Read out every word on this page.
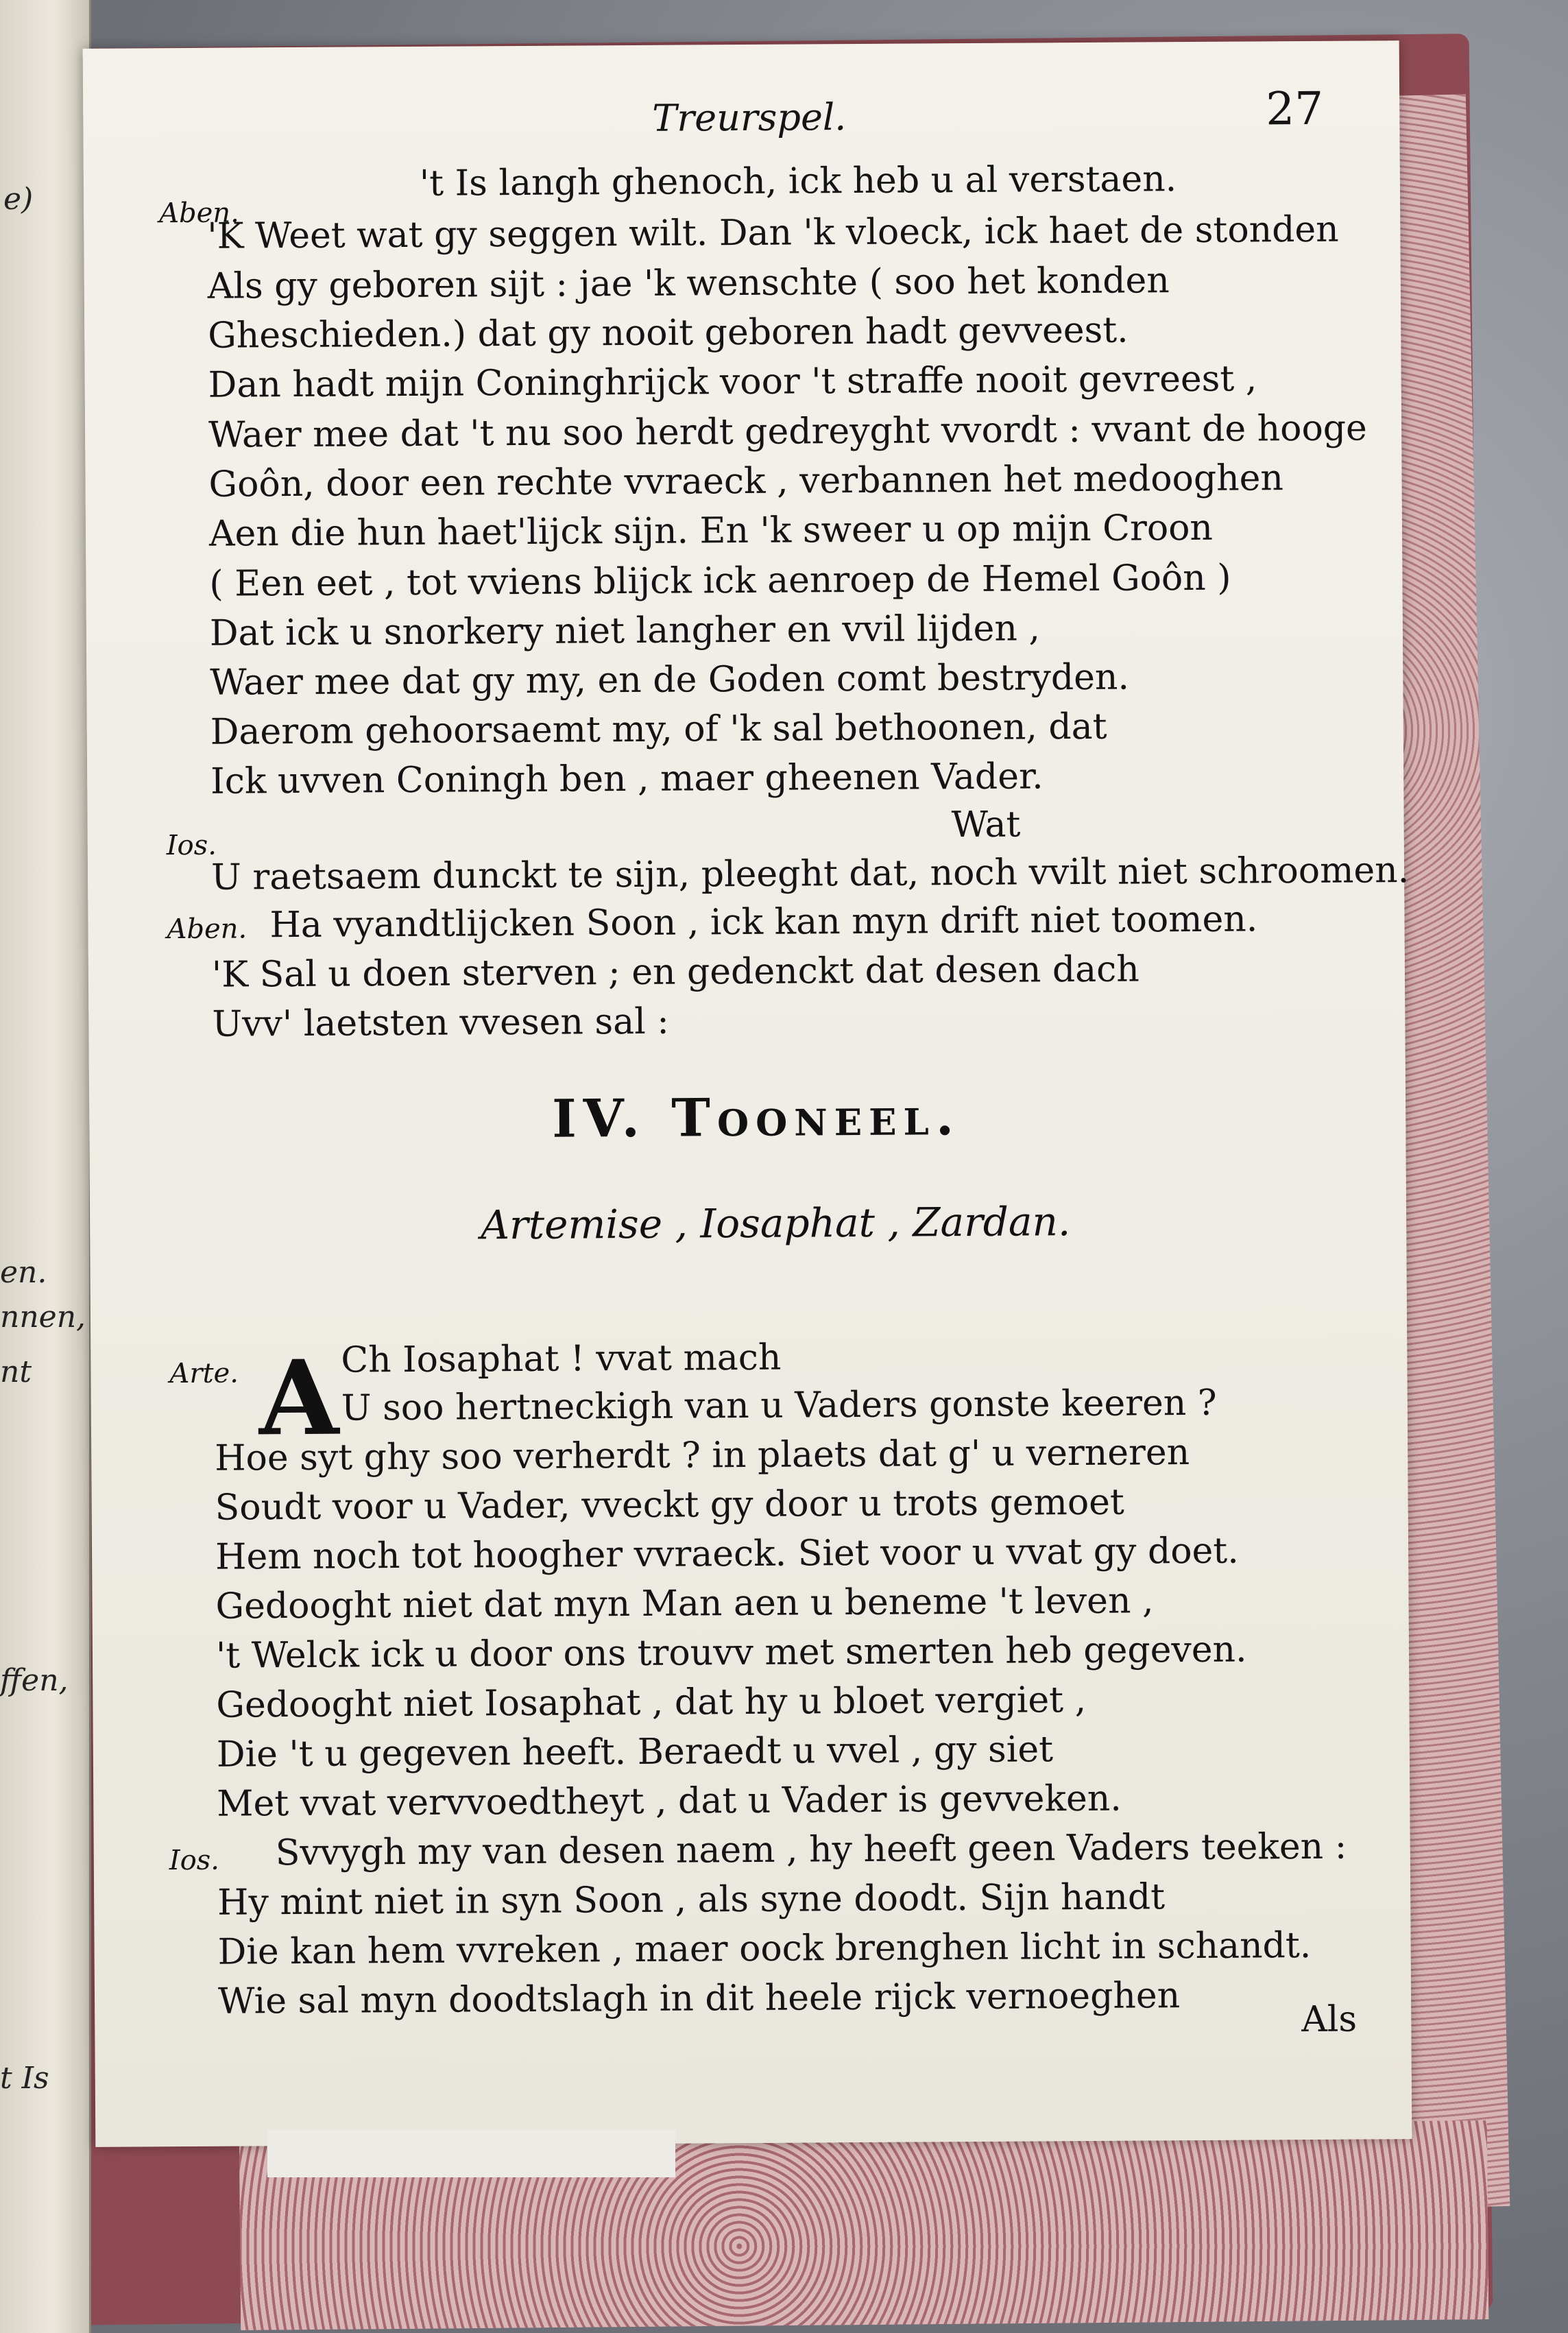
e)
en.
nnen,
nt
ffen,
t Is
Treurspel.	27
Aben.
't Is langh ghenoch, ick heb u al verstaen.
'K Weet wat gy seggen wilt. Dan 'k vloeck, ick haet de stonden
Als gy geboren sijt : jae 'k wenschte ( soo het konden
Gheschieden.) dat gy nooit geboren hadt gevveest.
Dan hadt mijn Coninghrijck voor 't straffe nooit gevreest ,
Waer mee dat 't nu soo herdt gedreyght vvordt : vvant de hooge
Goôn, door een rechte vvraeck , verbannen het medooghen
Aen die hun haet'lijck sijn. En 'k sweer u op mijn Croon
( Een eet , tot vviens blijck ick aenroep de Hemel Goôn )
Dat ick u snorkery niet langher en vvil lijden ,
Waer mee dat gy my, en de Goden comt bestryden.
Daerom gehoorsaemt my, of 'k sal bethoonen, dat
Ick uvven Coningh ben , maer gheenen Vader.
Ios.	Wat
U raetsaem dunckt te sijn, pleeght dat, noch vvilt niet schroomen.
Aben. Ha vyandtlijcken Soon , ick kan myn drift niet toomen.
'K Sal u doen sterven ; en gedenckt dat desen dach
Uvv' laetsten vvesen sal :
IV. Tooneel.
Artemise , Iosaphat , Zardan.
Arte. A Ch Iosaphat ! vvat mach
U soo hertneckigh van u Vaders gonste keeren ?
Hoe syt ghy soo verherdt ? in plaets dat g' u verneren
Soudt voor u Vader, vveckt gy door u trots gemoet
Hem noch tot hoogher vvraeck. Siet voor u vvat gy doet.
Gedooght niet dat myn Man aen u beneme 't leven ,
't Welck ick u door ons trouvv met smerten heb gegeven.
Gedooght niet Iosaphat , dat hy u bloet vergiet ,
Die 't u gegeven heeft. Beraedt u vvel , gy siet
Met vvat vervvoedtheyt , dat u Vader is gevveken.
Ios. Svvygh my van desen naem , hy heeft geen Vaders teeken :
Hy mint niet in syn Soon , als syne doodt. Sijn handt
Die kan hem vvreken , maer oock brenghen licht in schandt.
Wie sal myn doodtslagh in dit heele rijck vernoeghen	Als
